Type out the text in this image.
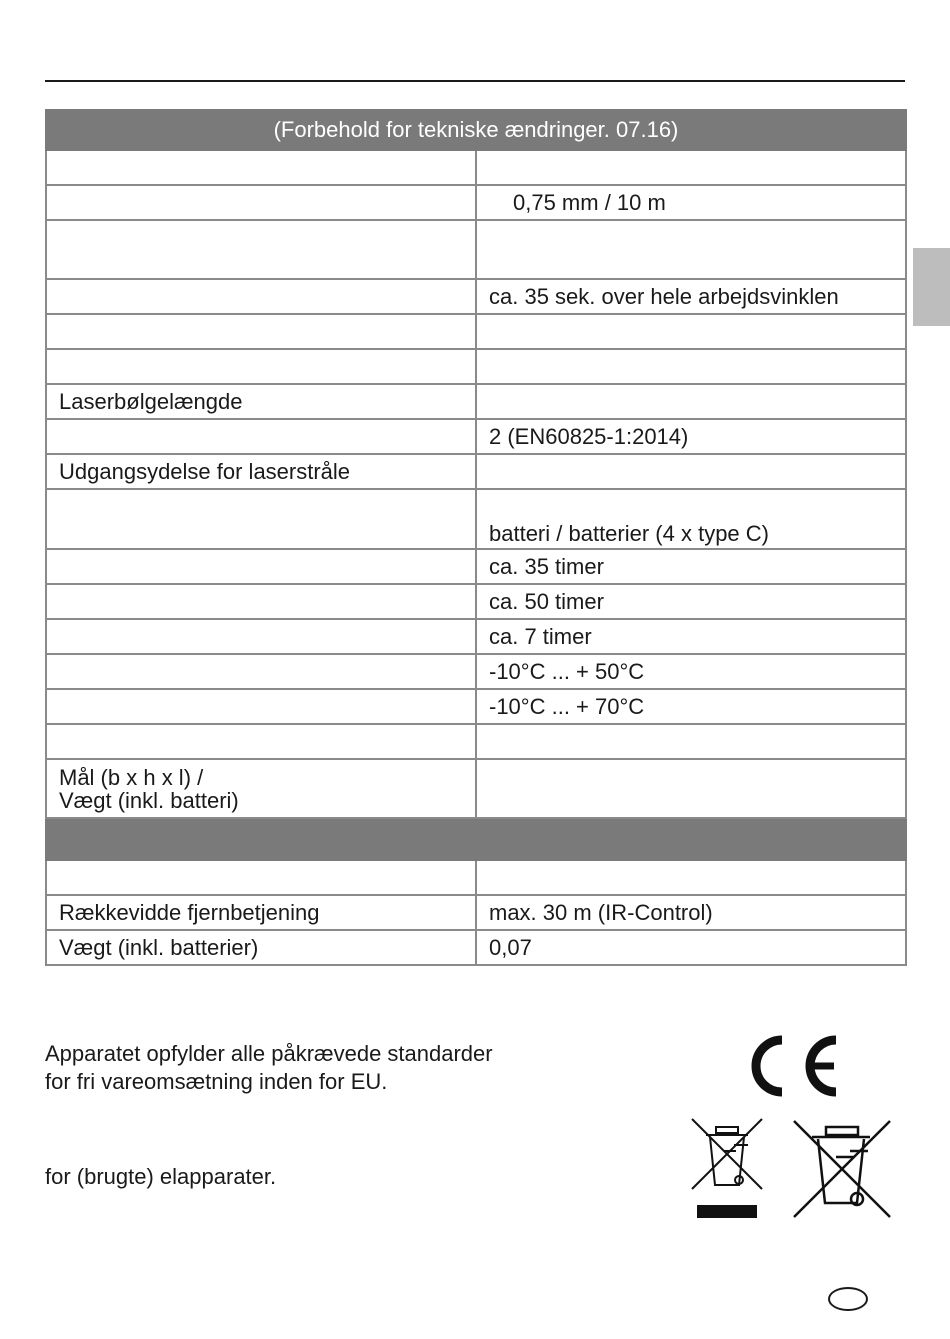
(Forbehold for tekniske ændringer. 07.16)	

	0,75 mm / 10 m

	ca. 35 sek. over hele arbejdsvinklen

Laserbølgelængde	
	2 (EN60825-1:2014)
Udgangsydelse for laserstråle	
	batteri / batterier (4 x type C)
	ca. 35 timer
	ca. 50 timer
	ca. 7 timer
	-10°C ... + 50°C
	-10°C ... + 70°C

Mål (b x h x l) /
Vægt (inkl. batteri)	

Rækkevidde fjernbetjening	max. 30 m (IR-Control)
Vægt (inkl. batterier)	0,07
Apparatet opfylder alle påkrævede standarder
for fri vareomsætning inden for EU.
for (brugte) elapparater.
